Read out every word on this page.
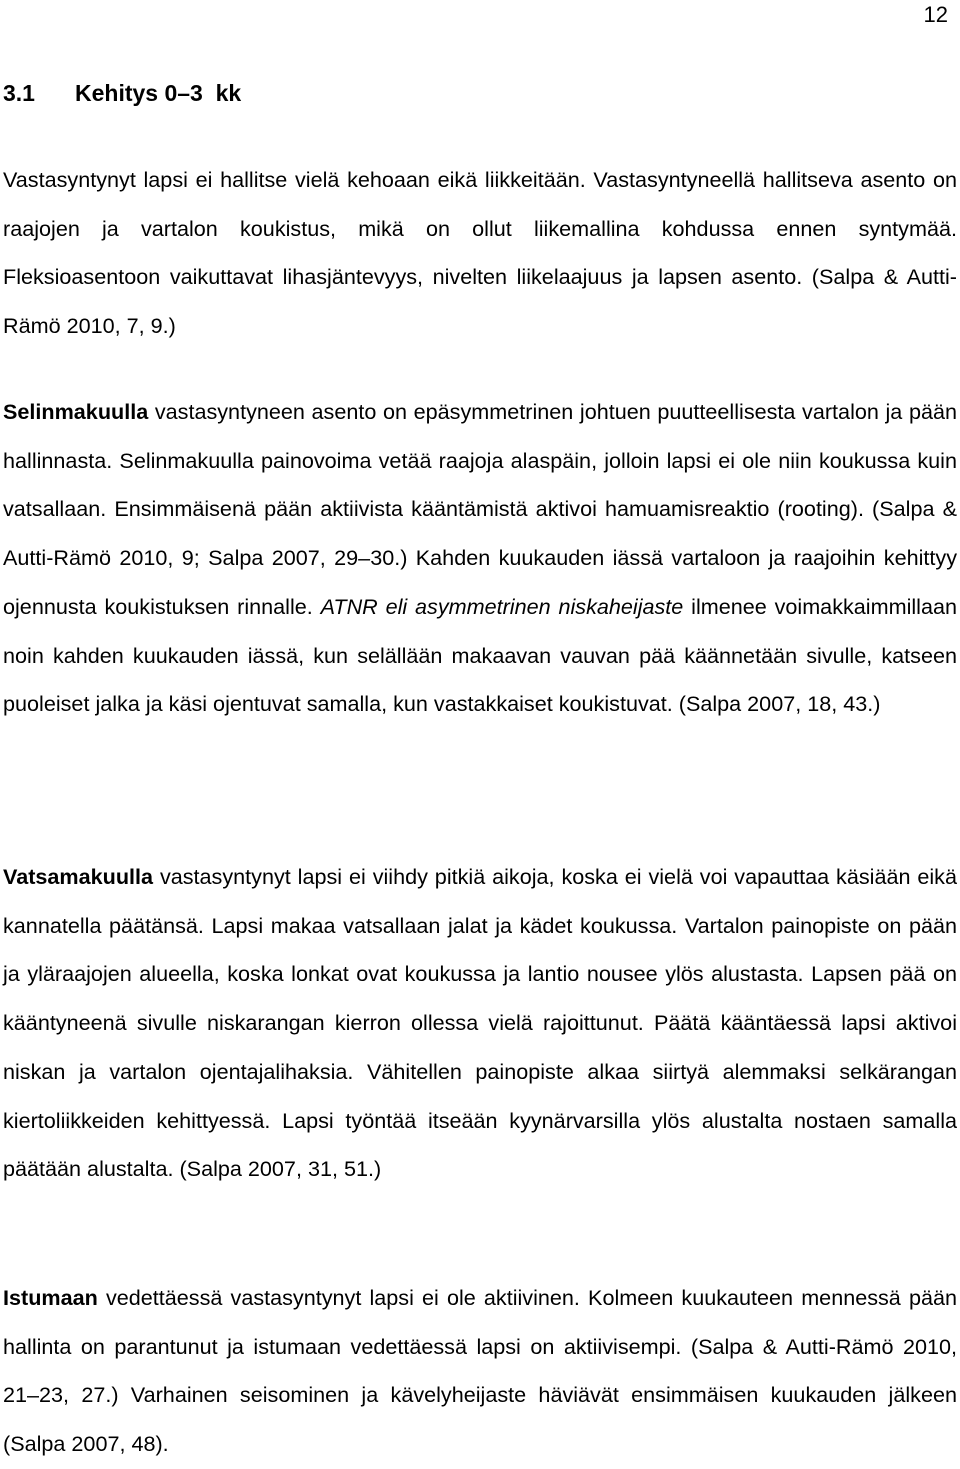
12
3.1 Kehitys 0–3  kk

Vastasyntynyt lapsi ei hallitse vielä kehoaan eikä liikkeitään. Vastasyntyneellä hallitseva asento on raajojen ja vartalon koukistus, mikä on ollut liikemallina kohdussa ennen syntymää. Fleksioasentoon vaikuttavat lihasjäntevyys, nivelten liikelaajuus ja lapsen asento. (Salpa & Autti-Rämö 2010, 7, 9.)

Selinmakuulla vastasyntyneen asento on epäsymmetrinen johtuen puutteellisesta vartalon ja pään hallinnasta. Selinmakuulla painovoima vetää raajoja alaspäin, jolloin lapsi ei ole niin koukussa kuin vatsallaan. Ensimmäisenä pään aktiivista kääntämistä aktivoi hamuamisreaktio (rooting). (Salpa & Autti-Rämö 2010, 9; Salpa 2007, 29–30.) Kahden kuukauden iässä vartaloon ja raajoihin kehittyy ojennusta koukistuksen rinnalle. ATNR eli asymmetrinen niskaheijaste ilmenee voimakkaimmillaan noin kahden kuukauden iässä, kun selällään makaavan vauvan pää käännetään sivulle, katseen puoleiset jalka ja käsi ojentuvat samalla, kun vastakkaiset koukistuvat. (Salpa 2007, 18, 43.)

Vatsamakuulla vastasyntynyt lapsi ei viihdy pitkiä aikoja, koska ei vielä voi vapauttaa käsiään eikä kannatella päätänsä. Lapsi makaa vatsallaan jalat ja kädet koukussa. Vartalon painopiste on pään ja yläraajojen alueella, koska lonkat ovat koukussa ja lantio nousee ylös alustasta. Lapsen pää on kääntyneenä sivulle niskarangan kierron ollessa vielä rajoittunut. Päätä kääntäessä lapsi aktivoi niskan ja vartalon ojentajalihaksia. Vähitellen painopiste alkaa siirtyä alemmaksi selkärangan kiertoliikkeiden kehittyessä. Lapsi työntää itseään kyynärvarsilla ylös alustalta nostaen samalla päätään alustalta. (Salpa 2007, 31, 51.)

Istumaan vedettäessä vastasyntynyt lapsi ei ole aktiivinen. Kolmeen kuukauteen mennessä pään hallinta on parantunut ja istumaan vedettäessä lapsi on aktiivisempi. (Salpa & Autti-Rämö 2010, 21–23, 27.) Varhainen seisominen ja kävelyheijaste häviävät ensimmäisen kuukauden jälkeen (Salpa 2007, 48).
